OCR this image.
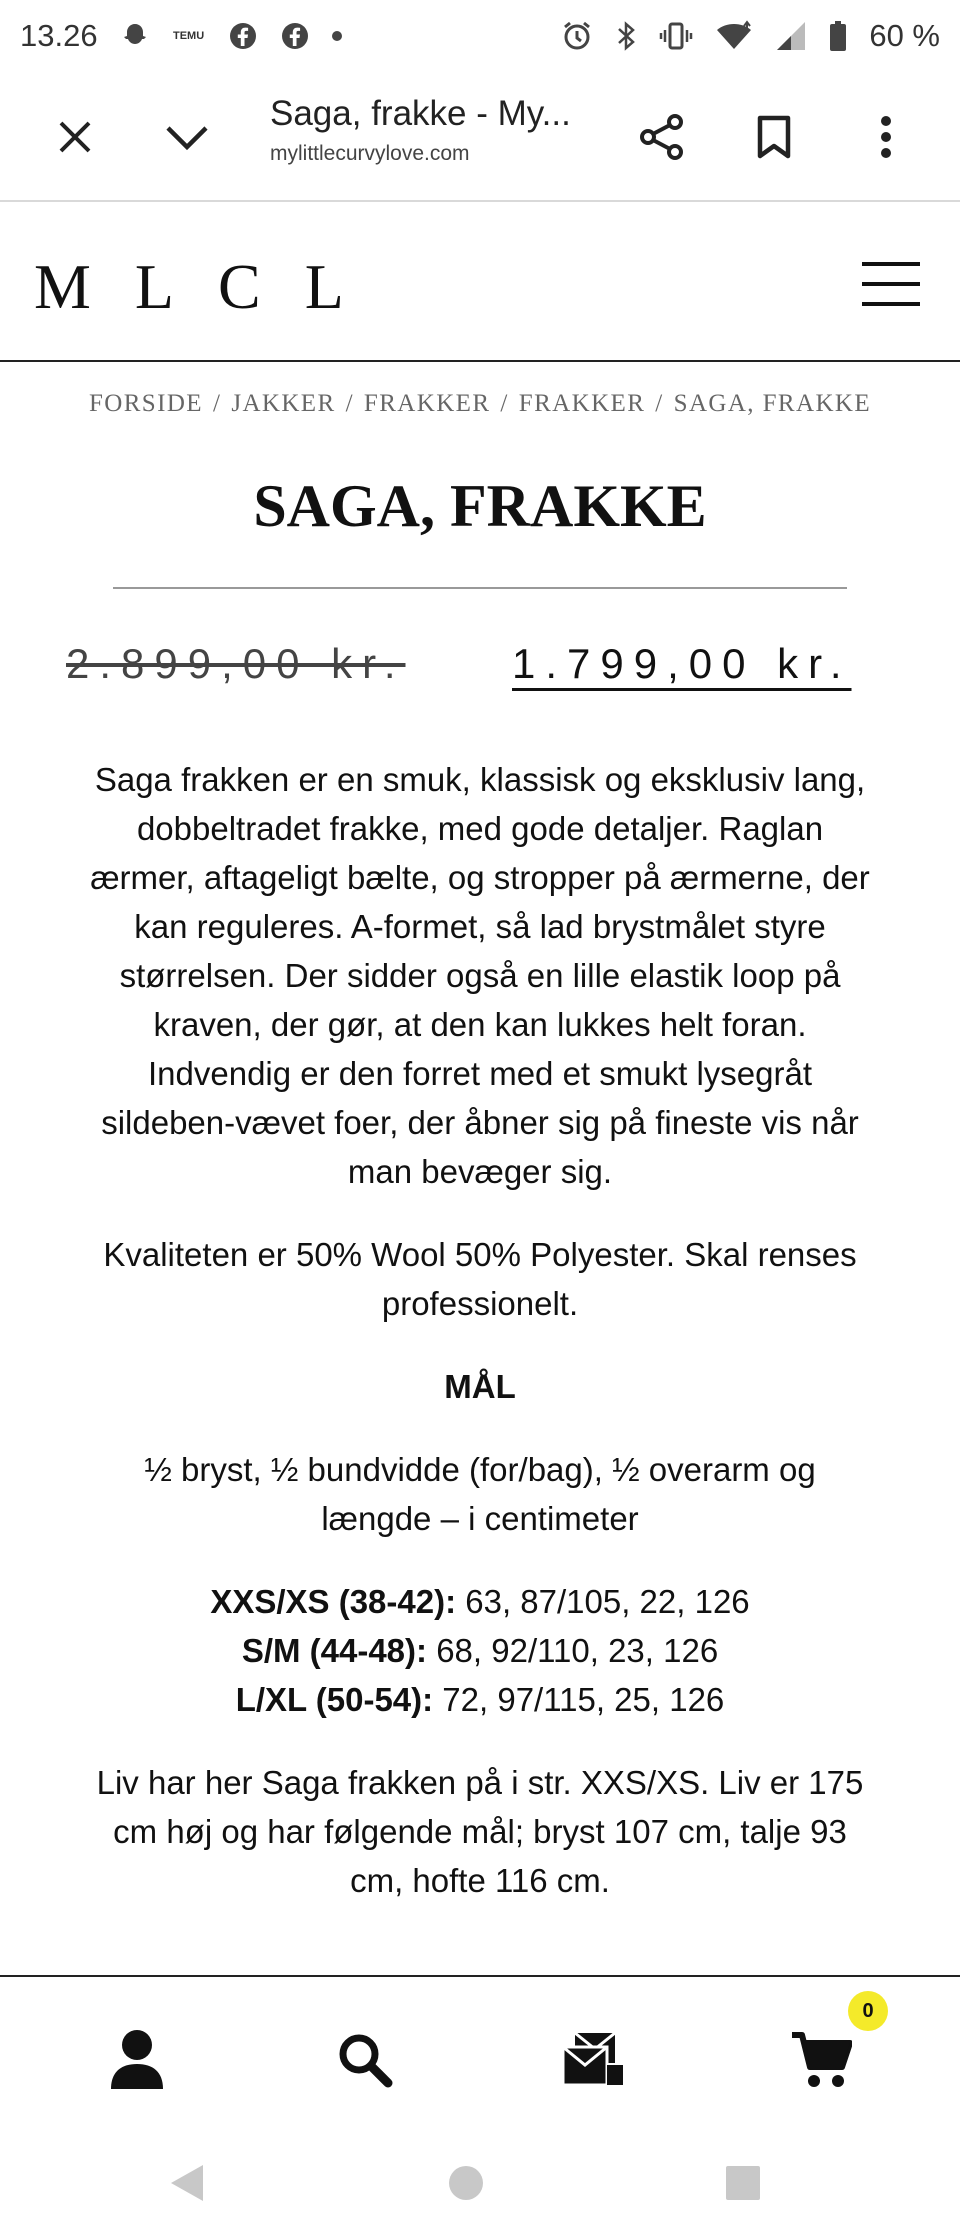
13.26	TEMU	60 %
Saga, frakke - My...
mylittlecurvylove.com
MLCL
FORSIDE / JAKKER / FRAKKER / FRAKKER / SAGA, FRAKKE
SAGA, FRAKKE
2.899,00 kr.	1.799,00 kr.

Saga frakken er en smuk, klassisk og eksklusiv lang, dobbeltradet frakke, med gode detaljer. Raglan ærmer, aftageligt bælte, og stropper på ærmerne, der kan reguleres. A-formet, så lad brystmålet styre størrelsen. Der sidder også en lille elastik loop på kraven, der gør, at den kan lukkes helt foran. Indvendig er den forret med et smukt lysegråt sildeben-vævet foer, der åbner sig på fineste vis når man bevæger sig.

Kvaliteten er 50% Wool 50% Polyester. Skal renses professionelt.

MÅL

½ bryst, ½ bundvidde (for/bag), ½ overarm og længde – i centimeter

XXS/XS (38-42): 63, 87/105, 22, 126
S/M (44-48): 68, 92/110, 23, 126
L/XL (50-54): 72, 97/115, 25, 126

Liv har her Saga frakken på i str. XXS/XS. Liv er 175 cm høj og har følgende mål; bryst 107 cm, talje 93 cm, hofte 116 cm.

0
